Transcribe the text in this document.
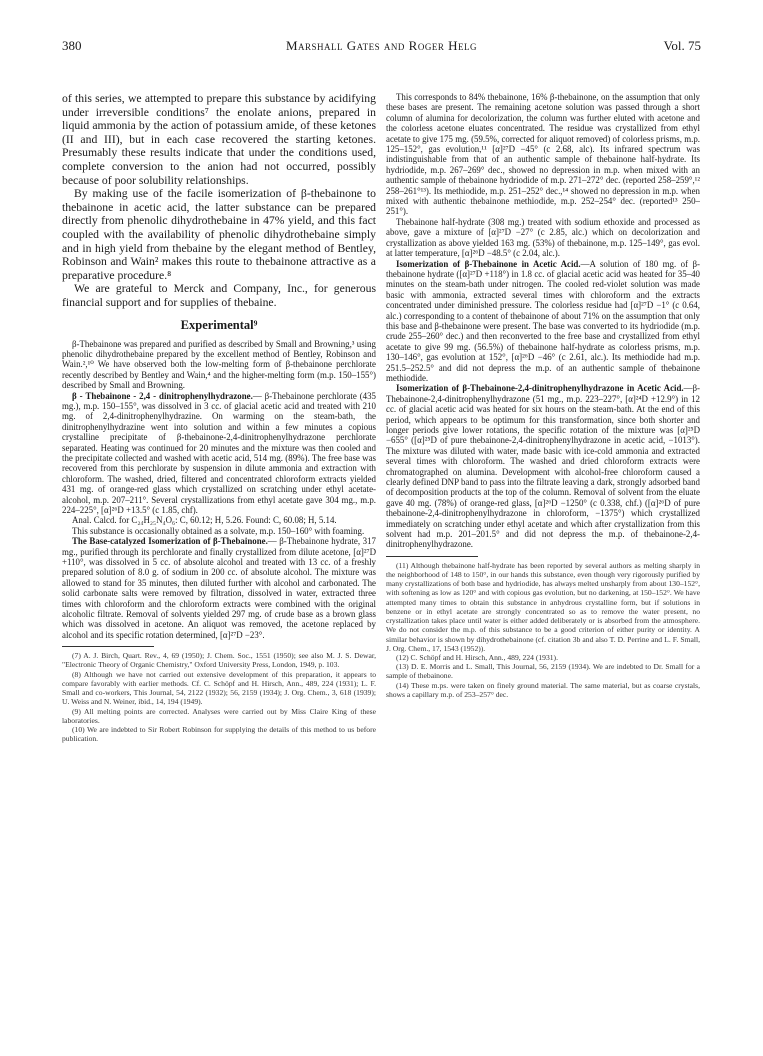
380	Marshall Gates and Roger Helg	Vol. 75

of this series, we attempted to prepare this substance by acidifying under irreversible conditions⁷ the enolate anions, prepared in liquid ammonia by the action of potassium amide, of these ketones (II and III), but in each case recovered the starting ketones. Presumably these results indicate that under the conditions used, complete conversion to the anion had not occurred, possibly because of poor solubility relationships.

By making use of the facile isomerization of β-thebainone to thebainone in acetic acid, the latter substance can be prepared directly from phenolic dihydrothebaine in 47% yield, and this fact coupled with the availability of phenolic dihydrothebaine simply and in high yield from thebaine by the elegant method of Bentley, Robinson and Wain² makes this route to thebainone attractive as a preparative procedure.⁸

We are grateful to Merck and Company, Inc., for generous financial support and for supplies of thebaine.

Experimental⁹

β-Thebainone was prepared and purified as described by Small and Browning,³ using phenolic dihydrothebaine prepared by the excellent method of Bentley, Robinson and Wain.²,¹⁰ We have observed both the low-melting form of β-thebainone perchlorate recently described by Bentley and Wain,⁴ and the higher-melting form (m.p. 150–155°) described by Small and Browning.

β - Thebainone - 2,4 - dinitrophenylhydrazone.— β-Thebainone perchlorate (435 mg.), m.p. 150–155°, was dissolved in 3 cc. of glacial acetic acid and treated with 210 mg. of 2,4-dinitrophenylhydrazine. On warming on the steam-bath, the dinitrophenylhydrazine went into solution and within a few minutes a copious crystalline precipitate of β-thebainone-2,4-dinitrophenylhydrazone perchlorate separated. Heating was continued for 20 minutes and the mixture was then cooled and the precipitate collected and washed with acetic acid, 514 mg. (89%). The free base was recovered from this perchlorate by suspension in dilute ammonia and extraction with chloroform. The washed, dried, filtered and concentrated chloroform extracts yielded 431 mg. of orange-red glass which crystallized on scratching under ethyl acetate-alcohol, m.p. 207–211°. Several crystallizations from ethyl acetate gave 304 mg., m.p. 224–225°, [α]²⁶D +13.5° (c 1.85, chf).

Anal. Calcd. for C₂₄H₂₅N₄O₆: C, 60.12; H, 5.26. Found: C, 60.08; H, 5.14.

This substance is occasionally obtained as a solvate, m.p. 150–160° with foaming.

The Base-catalyzed Isomerization of β-Thebainone.— β-Thebainone hydrate, 317 mg., purified through its perchlorate and finally crystallized from dilute acetone, [α]²⁷D +110°, was dissolved in 5 cc. of absolute alcohol and treated with 13 cc. of a freshly prepared solution of 8.0 g. of sodium in 200 cc. of absolute alcohol. The mixture was allowed to stand for 35 minutes, then diluted further with alcohol and carbonated. The solid carbonate salts were removed by filtration, dissolved in water, extracted three times with chloroform and the chloroform extracts were combined with the original alcoholic filtrate. Removal of solvents yielded 297 mg. of crude base as a brown glass which was dissolved in acetone. An aliquot was removed, the acetone replaced by alcohol and its specific rotation determined, [α]²⁷D −23°.

(7) A. J. Birch, Quart. Rev., 4, 69 (1950); J. Chem. Soc., 1551 (1950); see also M. J. S. Dewar, "Electronic Theory of Organic Chemistry," Oxford University Press, London, 1949, p. 103.

(8) Although we have not carried out extensive development of this preparation, it appears to compare favorably with earlier methods. Cf. C. Schöpf and H. Hirsch, Ann., 489, 224 (1931); L. F. Small and co-workers, This Journal, 54, 2122 (1932); 56, 2159 (1934); J. Org. Chem., 3, 618 (1939); U. Weiss and N. Weiner, ibid., 14, 194 (1949).

(9) All melting points are corrected. Analyses were carried out by Miss Claire King of these laboratories.

(10) We are indebted to Sir Robert Robinson for supplying the details of this method to us before publication.

This corresponds to 84% thebainone, 16% β-thebainone, on the assumption that only these bases are present. The remaining acetone solution was passed through a short column of alumina for decolorization, the column was further eluted with acetone and the colorless acetone eluates concentrated. The residue was crystallized from ethyl acetate to give 175 mg. (59.5%, corrected for aliquot removed) of colorless prisms, m.p. 125–152°, gas evolution,¹¹ [α]²⁷D −45° (c 2.68, alc). Its infrared spectrum was indistinguishable from that of an authentic sample of thebainone half-hydrate. Its hydriodide, m.p. 267–269° dec., showed no depression in m.p. when mixed with an authentic sample of thebainone hydriodide of m.p. 271–272° dec. (reported 258–259°,¹² 258–261°¹³). Its methiodide, m.p. 251–252° dec.,¹⁴ showed no depression in m.p. when mixed with authentic thebainone methiodide, m.p. 252–254° dec. (reported¹³ 250–251°).

Thebainone half-hydrate (308 mg.) treated with sodium ethoxide and processed as above, gave a mixture of [α]²⁷D −27° (c 2.85, alc.) which on decolorization and crystallization as above yielded 163 mg. (53%) of thebainone, m.p. 125–149°, gas evol. at latter temperature, [α]²⁶D −48.5° (c 2.04, alc.).

Isomerization of β-Thebainone in Acetic Acid.—A solution of 180 mg. of β-thebainone hydrate ([α]²⁷D +118°) in 1.8 cc. of glacial acetic acid was heated for 35–40 minutes on the steam-bath under nitrogen. The cooled red-violet solution was made basic with ammonia, extracted several times with chloroform and the extracts concentrated under diminished pressure. The colorless residue had [α]²⁷D −1° (c 0.64, alc.) corresponding to a content of thebainone of about 71% on the assumption that only this base and β-thebainone were present. The base was converted to its hydriodide (m.p. crude 255–260° dec.) and then reconverted to the free base and crystallized from ethyl acetate to give 99 mg. (56.5%) of thebainone half-hydrate as colorless prisms, m.p. 130–146°, gas evolution at 152°, [α]²⁶D −46° (c 2.61, alc.). Its methiodide had m.p. 251.5–252.5° and did not depress the m.p. of an authentic sample of thebainone methiodide.

Isomerization of β-Thebainone-2,4-dinitrophenylhydrazone in Acetic Acid.—β-Thebainone-2,4-dinitrophenylhydrazone (51 mg., m.p. 223–227°, [α]²⁴D +12.9°) in 12 cc. of glacial acetic acid was heated for six hours on the steam-bath. At the end of this period, which appears to be optimum for this transformation, since both shorter and longer periods give lower rotations, the specific rotation of the mixture was [α]²⁵D −655° ([α]²⁵D of pure thebainone-2,4-dinitrophenylhydrazone in acetic acid, −1013°). The mixture was diluted with water, made basic with ice-cold ammonia and extracted several times with chloroform. The washed and dried chloroform extracts were chromatographed on alumina. Development with alcohol-free chloroform caused a clearly defined DNP band to pass into the filtrate leaving a dark, strongly adsorbed band of decomposition products at the top of the column. Removal of solvent from the eluate gave 40 mg. (78%) of orange-red glass, [α]²⁶D −1250° (c 0.338, chf.) ([α]²⁶D of pure thebainone-2,4-dinitrophenylhydrazone in chloroform, −1375°) which crystallized immediately on scratching under ethyl acetate and which after crystallization from this solvent had m.p. 201–201.5° and did not depress the m.p. of thebainone-2,4-dinitrophenylhydrazone.

(11) Although thebainone half-hydrate has been reported by several authors as melting sharply in the neighborhood of 148 to 150°, in our hands this substance, even though very rigorously purified by many crystallizations of both base and hydriodide, has always melted unsharply from about 130–152°, with softening as low as 120° and with copious gas evolution, but no darkening, at 150–152°. We have attempted many times to obtain this substance in anhydrous crystalline form, but if solutions in benzene or in ethyl acetate are strongly concentrated so as to remove the water present, no crystallization takes place until water is either added deliberately or is absorbed from the atmosphere. We do not consider the m.p. of this substance to be a good criterion of either purity or identity. A similar behavior is shown by dihydrothebainone (cf. citation 3b and also T. D. Perrine and L. F. Small, J. Org. Chem., 17, 1543 (1952)).

(12) C. Schöpf and H. Hirsch, Ann., 489, 224 (1931).

(13) D. E. Morris and L. Small, This Journal, 56, 2159 (1934). We are indebted to Dr. Small for a sample of thebainone.

(14) These m.ps. were taken on finely ground material. The same material, but as coarse crystals, shows a capillary m.p. of 253–257° dec.
